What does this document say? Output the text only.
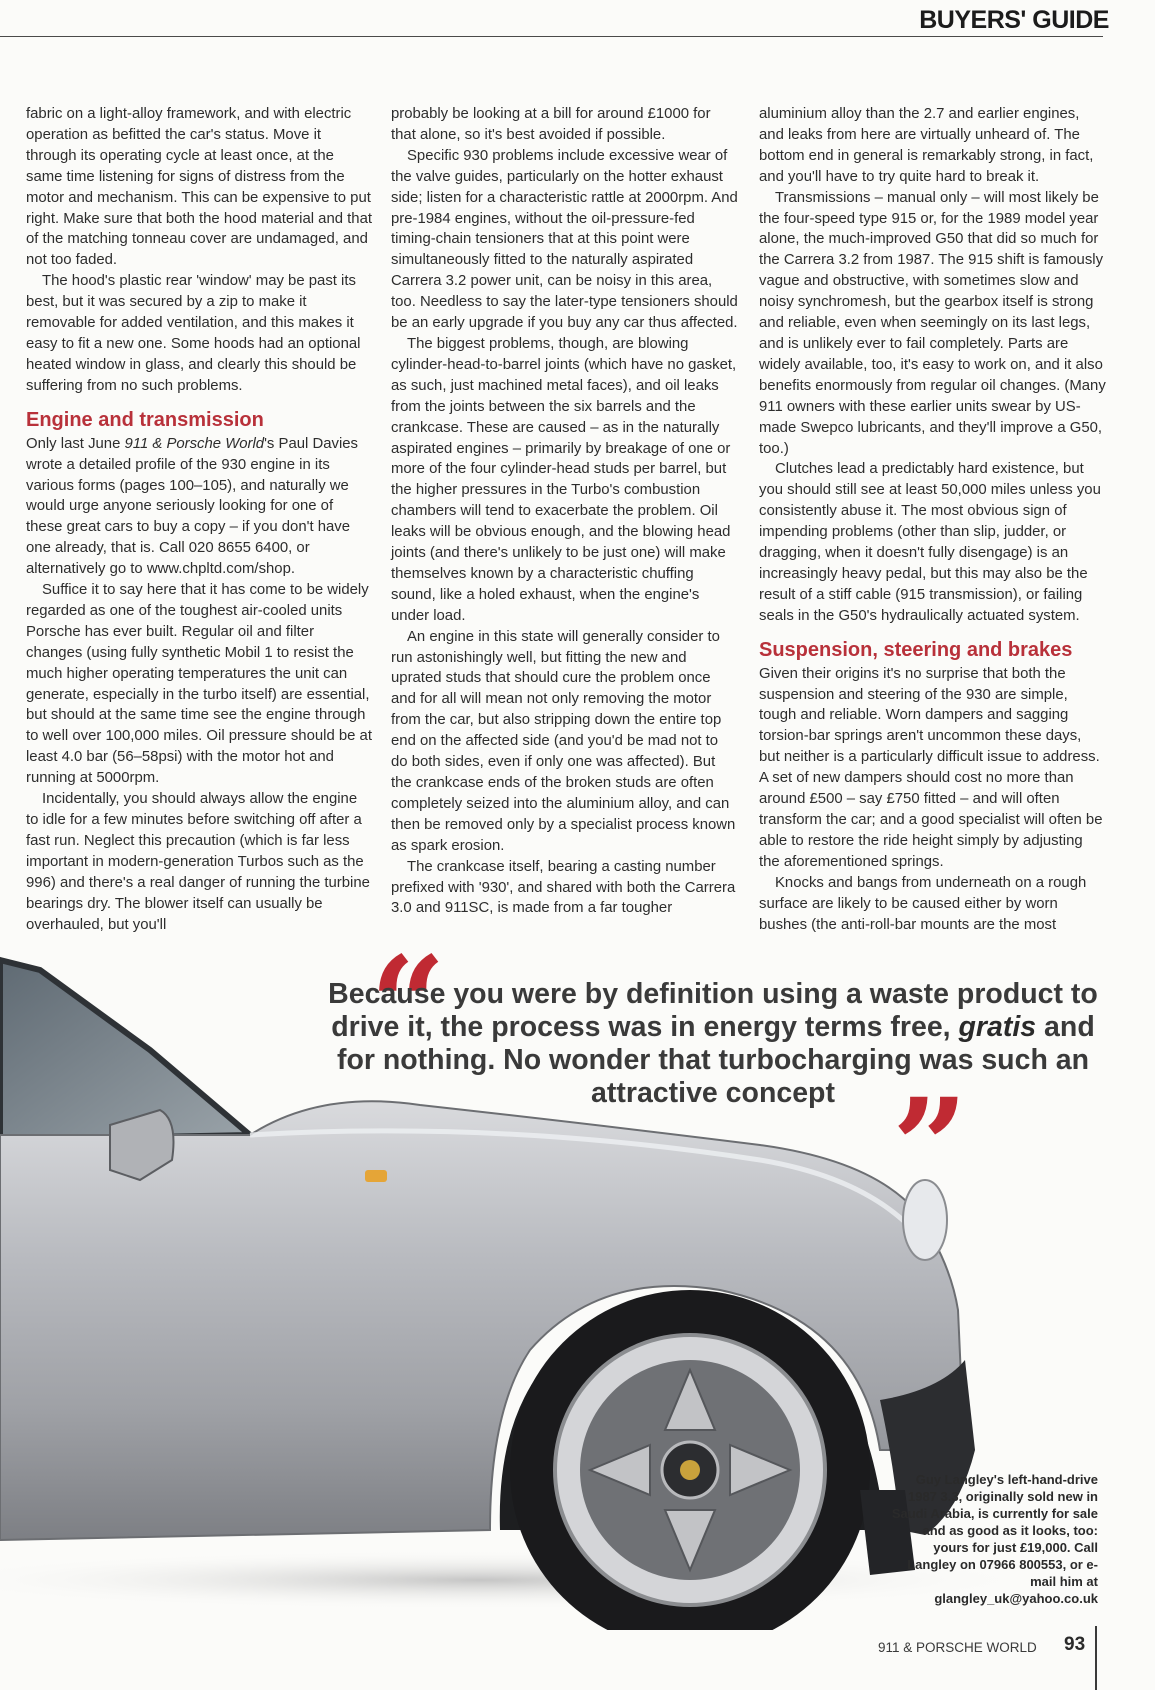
BUYERS' GUIDE

fabric on a light-alloy framework, and with electric operation as befitted the car's status. Move it through its operating cycle at least once, at the same time listening for signs of distress from the motor and mechanism. This can be expensive to put right. Make sure that both the hood material and that of the matching tonneau cover are undamaged, and not too faded.

The hood's plastic rear 'window' may be past its best, but it was secured by a zip to make it removable for added ventilation, and this makes it easy to fit a new one. Some hoods had an optional heated window in glass, and clearly this should be suffering from no such problems.

Engine and transmission

Only last June 911 & Porsche World's Paul Davies wrote a detailed profile of the 930 engine in its various forms (pages 100–105), and naturally we would urge anyone seriously looking for one of these great cars to buy a copy – if you don't have one already, that is. Call 020 8655 6400, or alternatively go to www.chpltd.com/shop.

Suffice it to say here that it has come to be widely regarded as one of the toughest air-cooled units Porsche has ever built. Regular oil and filter changes (using fully synthetic Mobil 1 to resist the much higher operating temperatures the unit can generate, especially in the turbo itself) are essential, but should at the same time see the engine through to well over 100,000 miles. Oil pressure should be at least 4.0 bar (56–58psi) with the motor hot and running at 5000rpm.

Incidentally, you should always allow the engine to idle for a few minutes before switching off after a fast run. Neglect this precaution (which is far less important in modern-generation Turbos such as the 996) and there's a real danger of running the turbine bearings dry. The blower itself can usually be overhauled, but you'll

probably be looking at a bill for around £1000 for that alone, so it's best avoided if possible.

Specific 930 problems include excessive wear of the valve guides, particularly on the hotter exhaust side; listen for a characteristic rattle at 2000rpm. And pre-1984 engines, without the oil-pressure-fed timing-chain tensioners that at this point were simultaneously fitted to the naturally aspirated Carrera 3.2 power unit, can be noisy in this area, too. Needless to say the later-type tensioners should be an early upgrade if you buy any car thus affected.

The biggest problems, though, are blowing cylinder-head-to-barrel joints (which have no gasket, as such, just machined metal faces), and oil leaks from the joints between the six barrels and the crankcase. These are caused – as in the naturally aspirated engines – primarily by breakage of one or more of the four cylinder-head studs per barrel, but the higher pressures in the Turbo's combustion chambers will tend to exacerbate the problem. Oil leaks will be obvious enough, and the blowing head joints (and there's unlikely to be just one) will make themselves known by a characteristic chuffing sound, like a holed exhaust, when the engine's under load.

An engine in this state will generally consider to run astonishingly well, but fitting the new and uprated studs that should cure the problem once and for all will mean not only removing the motor from the car, but also stripping down the entire top end on the affected side (and you'd be mad not to do both sides, even if only one was affected). But the crankcase ends of the broken studs are often completely seized into the aluminium alloy, and can then be removed only by a specialist process known as spark erosion.

The crankcase itself, bearing a casting number prefixed with '930', and shared with both the Carrera 3.0 and 911SC, is made from a far tougher

aluminium alloy than the 2.7 and earlier engines, and leaks from here are virtually unheard of. The bottom end in general is remarkably strong, in fact, and you'll have to try quite hard to break it.

Transmissions – manual only – will most likely be the four-speed type 915 or, for the 1989 model year alone, the much-improved G50 that did so much for the Carrera 3.2 from 1987. The 915 shift is famously vague and obstructive, with sometimes slow and noisy synchromesh, but the gearbox itself is strong and reliable, even when seemingly on its last legs, and is unlikely ever to fail completely. Parts are widely available, too, it's easy to work on, and it also benefits enormously from regular oil changes. (Many 911 owners with these earlier units swear by US-made Swepco lubricants, and they'll improve a G50, too.)

Clutches lead a predictably hard existence, but you should still see at least 50,000 miles unless you consistently abuse it. The most obvious sign of impending problems (other than slip, judder, or dragging, when it doesn't fully disengage) is an increasingly heavy pedal, but this may also be the result of a stiff cable (915 transmission), or failing seals in the G50's hydraulically actuated system.

Suspension, steering and brakes

Given their origins it's no surprise that both the suspension and steering of the 930 are simple, tough and reliable. Worn dampers and sagging torsion-bar springs aren't uncommon these days, but neither is a particularly difficult issue to address. A set of new dampers should cost no more than around £500 – say £750 fitted – and will often transform the car; and a good specialist will often be able to restore the ride height simply by adjusting the aforementioned springs.

Knocks and bangs from underneath on a rough surface are likely to be caused either by worn bushes (the anti-roll-bar mounts are the most

“
Because you were by definition using a waste product to drive it, the process was in energy terms free, gratis and for nothing. No wonder that turbocharging was such an attractive concept ”
Guy Langley's left-hand-drive 1987 3.3, originally sold new in Saudi Arabia, is currently for sale - and as good as it looks, too: yours for just £19,000. Call Langley on 07966 800553, or e-mail him at glangley_uk@yahoo.co.uk
911 & PORSCHE WORLD 93
